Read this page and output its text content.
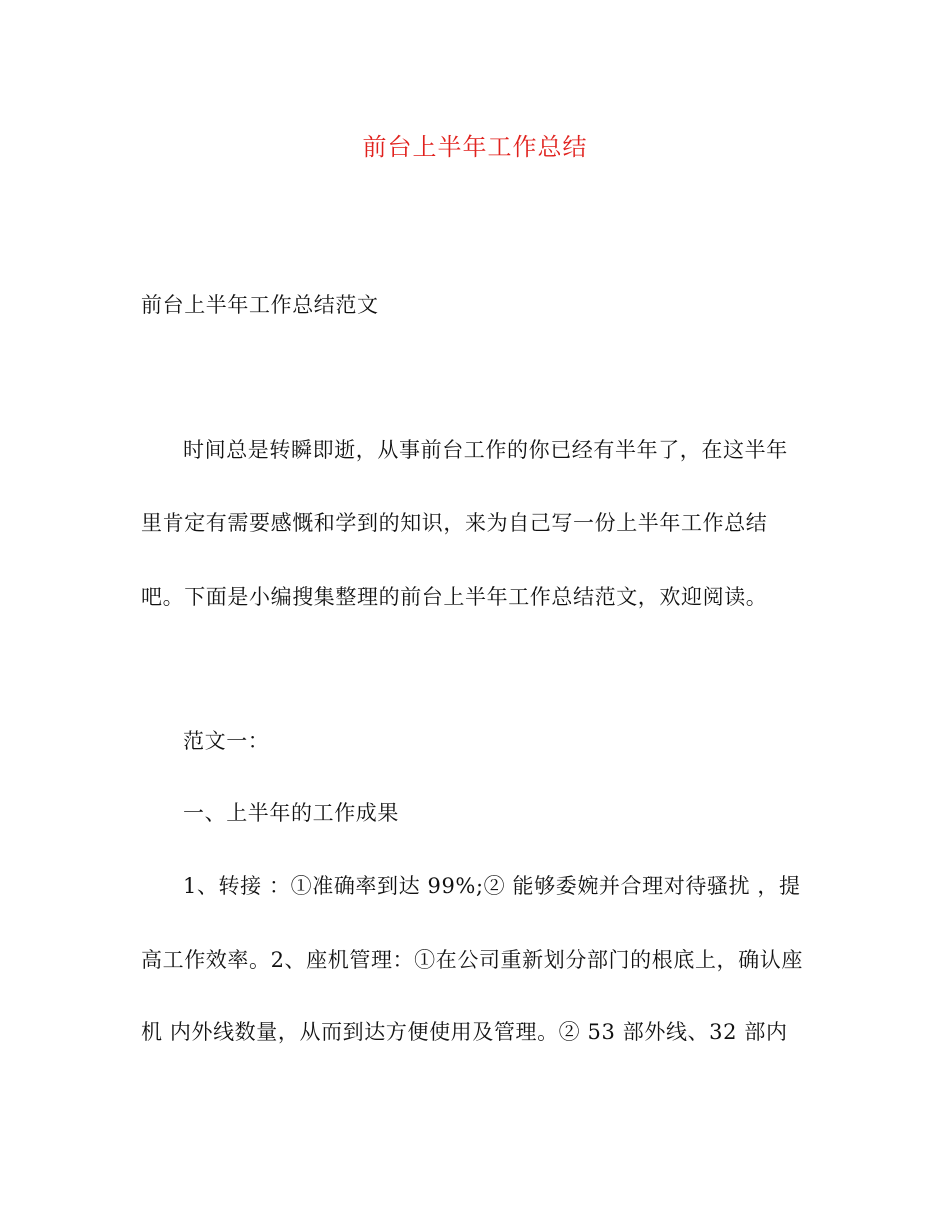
前台上半年工作总结
前台上半年工作总结范文
时间总是转瞬即逝，从事前台工作的你已经有半年了，在这半年
里肯定有需要感慨和学到的知识，来为自己写一份上半年工作总结
吧。下面是小编搜集整理的前台上半年工作总结范文，欢迎阅读。
范文一：
一、上半年的工作成果
1、转接 ：①准确率到达 99%;② 能够委婉并合理对待骚扰 ，提
高工作效率。2、座机管理：①在公司重新划分部门的根底上，确认座
机 内外线数量，从而到达方便使用及管理。② 53 部外线、32 部内
